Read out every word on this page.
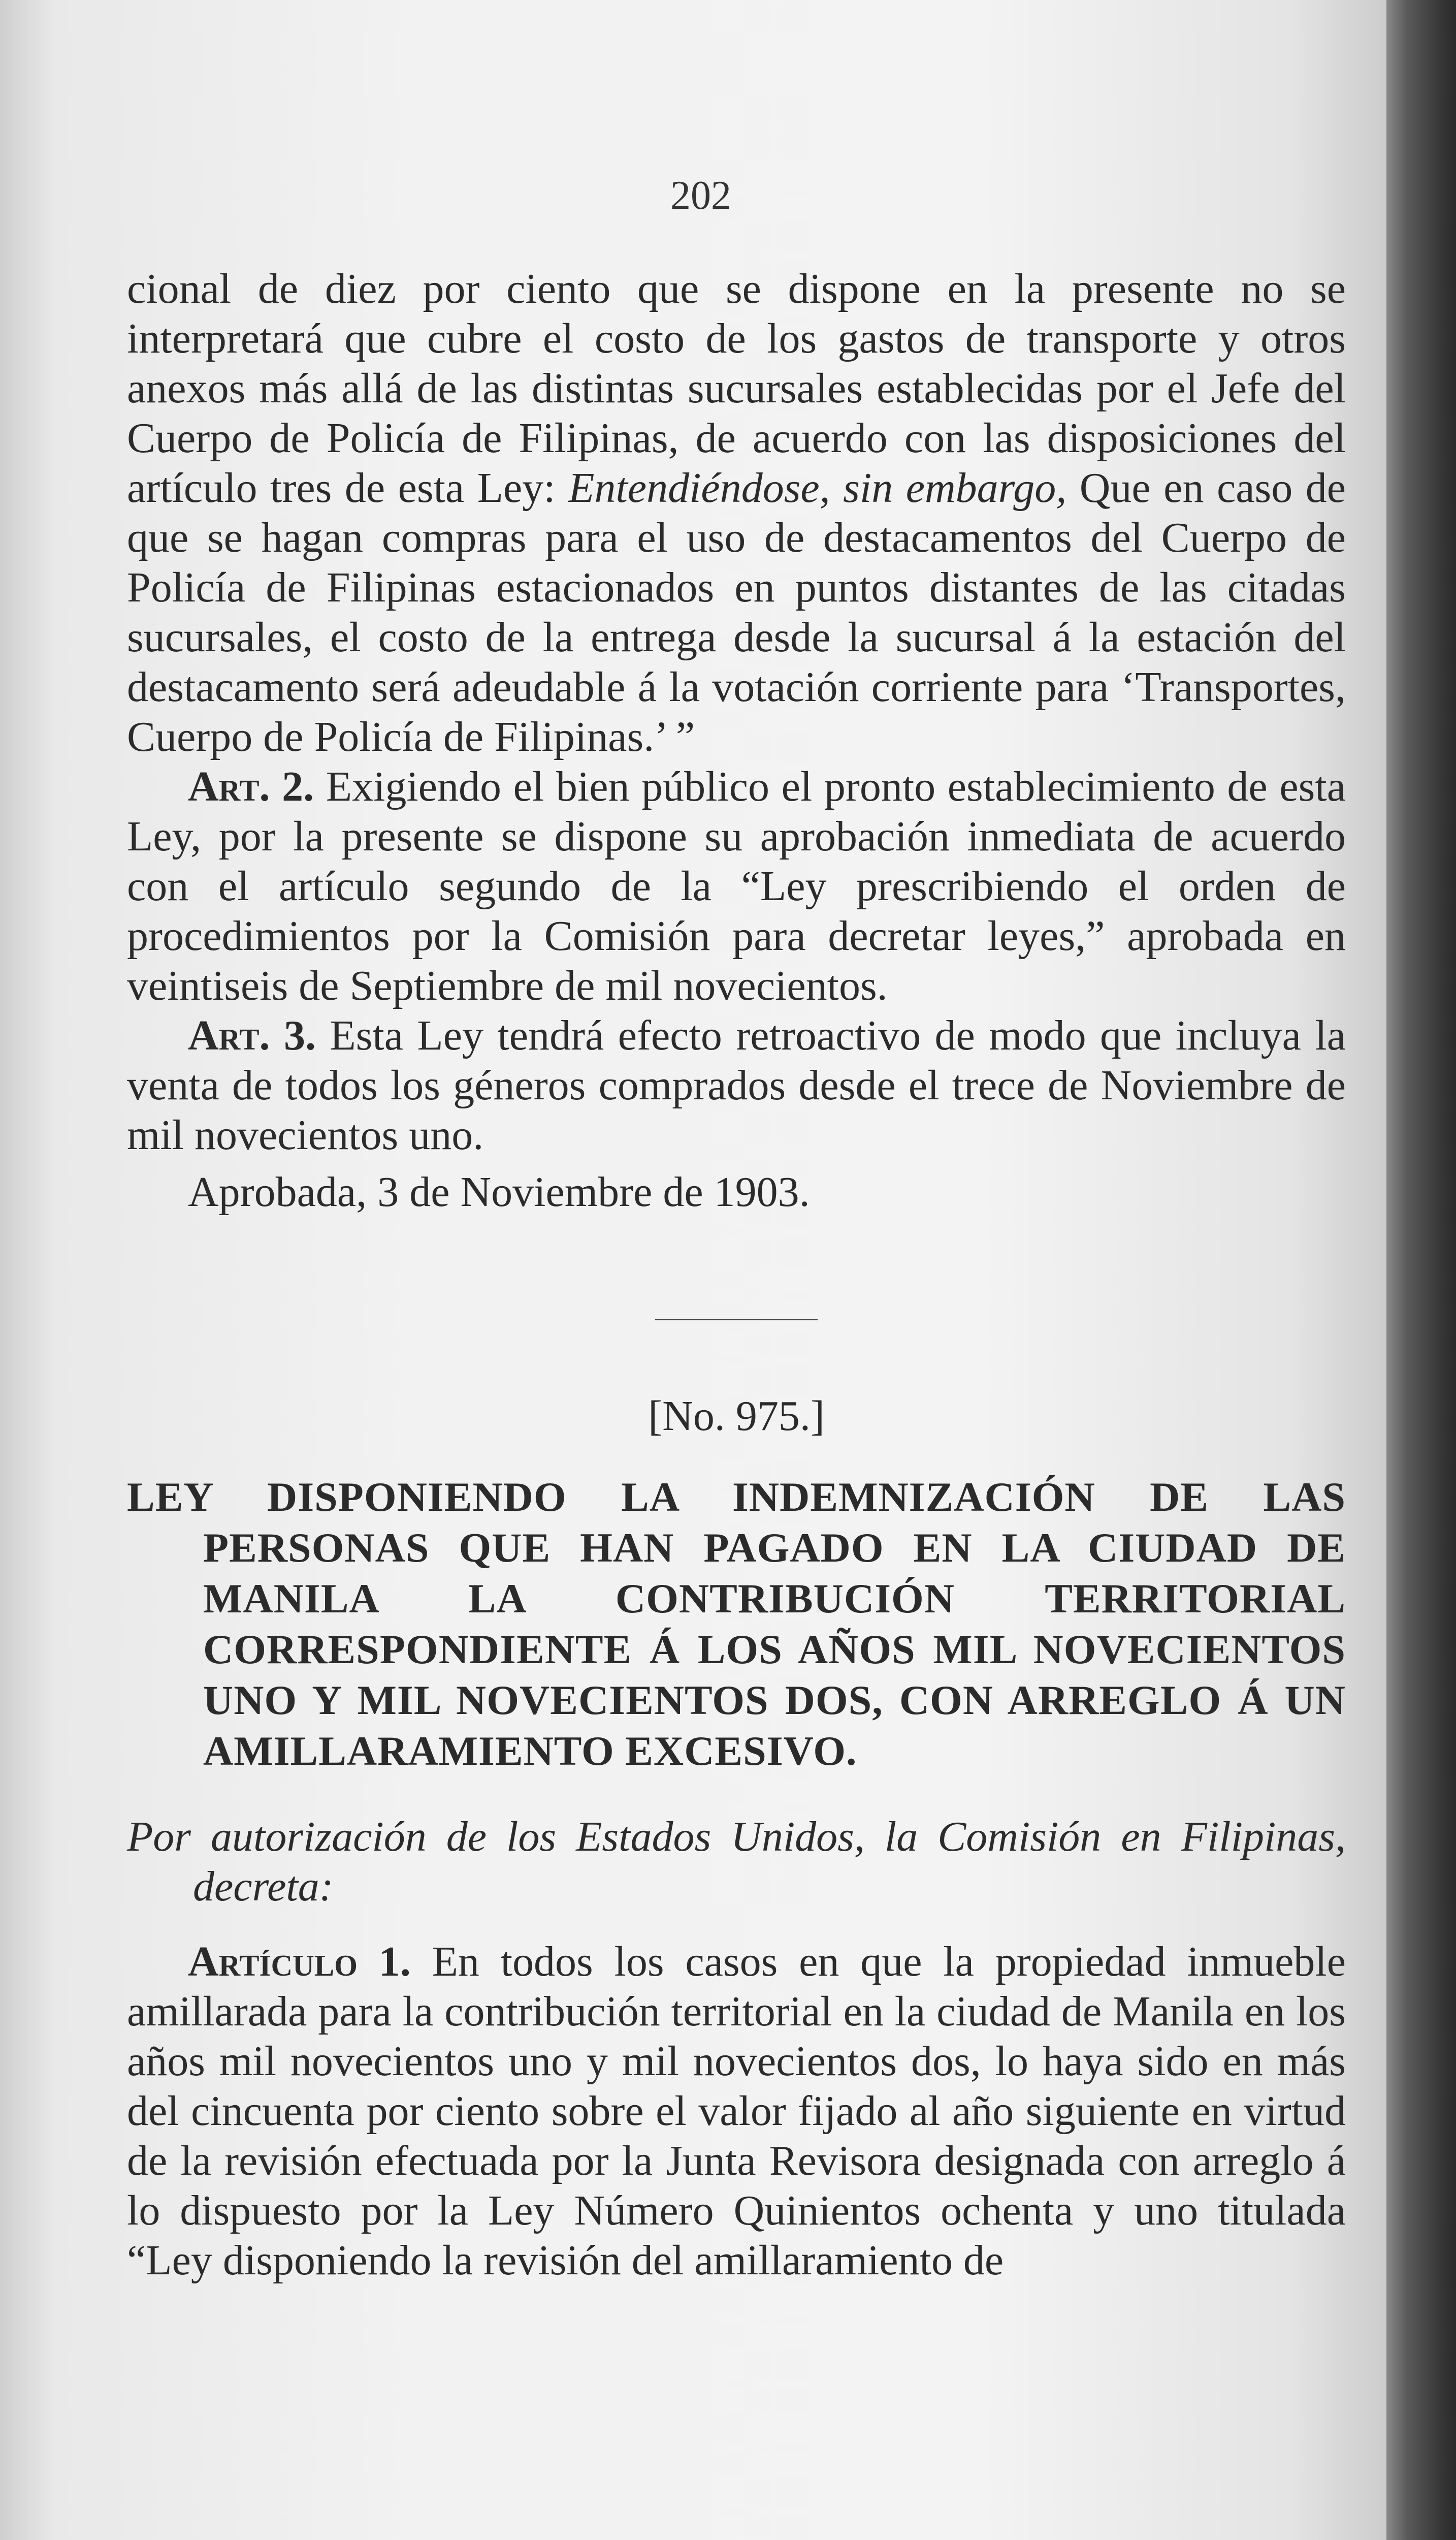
202

cional de diez por ciento que se dispone en la presente no se interpretará que cubre el costo de los gastos de transporte y otros anexos más allá de las distintas sucursales establecidas por el Jefe del Cuerpo de Policía de Filipinas, de acuerdo con las disposiciones del artículo tres de esta Ley: Entendiéndose, sin embargo, Que en caso de que se hagan compras para el uso de destacamentos del Cuerpo de Policía de Filipinas estacionados en puntos distantes de las citadas sucursales, el costo de la entrega desde la sucursal á la estación del destacamento será adeudable á la votación corriente para ‘Transportes, Cuerpo de Policía de Filipinas.’ ”

Art. 2. Exigiendo el bien público el pronto establecimiento de esta Ley, por la presente se dispone su aprobación inmediata de acuerdo con el artículo segundo de la “Ley prescribiendo el orden de procedimientos por la Comisión para decretar leyes,” aprobada en veintiseis de Septiembre de mil novecientos.

Art. 3. Esta Ley tendrá efecto retroactivo de modo que incluya la venta de todos los géneros comprados desde el trece de Noviembre de mil novecientos uno.

Aprobada, 3 de Noviembre de 1903.

[No. 975.]

LEY DISPONIENDO LA INDEMNIZACIÓN DE LAS PERSONAS QUE HAN PAGADO EN LA CIUDAD DE MANILA LA CONTRIBUCIÓN TERRITORIAL CORRESPONDIENTE Á LOS AÑOS MIL NOVECIENTOS UNO Y MIL NOVECIENTOS DOS, CON ARREGLO Á UN AMILLARAMIENTO EXCESIVO.

Por autorización de los Estados Unidos, la Comisión en Filipinas, decreta:

Artículo 1. En todos los casos en que la propiedad inmueble amillarada para la contribución territorial en la ciudad de Manila en los años mil novecientos uno y mil novecientos dos, lo haya sido en más del cincuenta por ciento sobre el valor fijado al año siguiente en virtud de la revisión efectuada por la Junta Revisora designada con arreglo á lo dispuesto por la Ley Número Quinientos ochenta y uno titulada “Ley disponiendo la revisión del amillaramiento de
